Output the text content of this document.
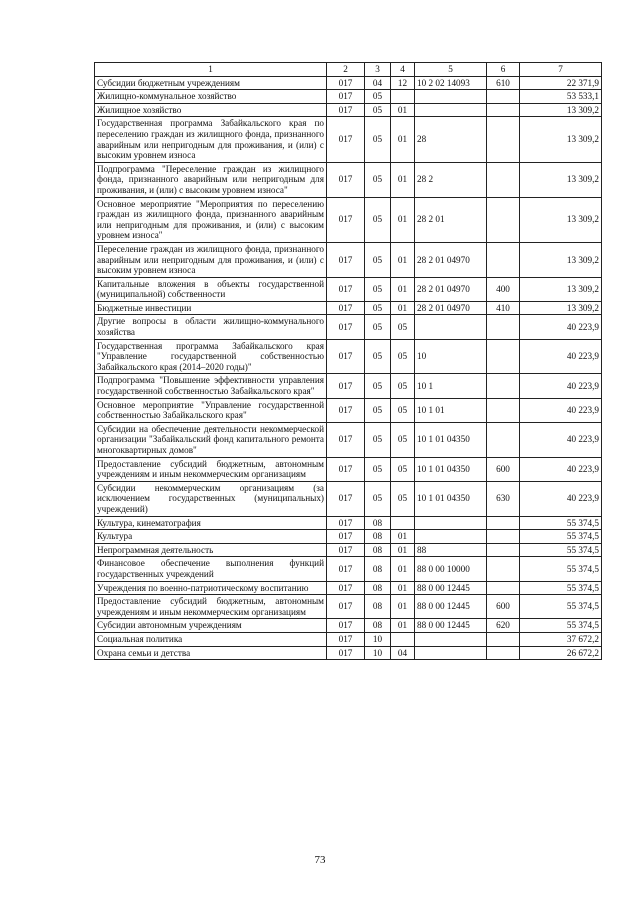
1	2	3	4	5	6	7
Субсидии бюджетным учреждениям	017	04	12	10 2 02 14093	610	22 371,9
Жилищно-коммунальное хозяйство	017	05				53 533,1
Жилищное хозяйство	017	05	01			13 309,2
Государственная программа Забайкальского края по переселению граждан из жилищного фонда, признанного аварийным или непригодным для проживания, и (или) с высоким уровнем износа	017	05	01	28		13 309,2
Подпрограмма "Переселение граждан из жилищного фонда, признанного аварийным или непригодным для проживания, и (или) с высоким уровнем износа"	017	05	01	28 2		13 309,2
Основное мероприятие "Мероприятия по переселению граждан из жилищного фонда, признанного аварийным или непригодным для проживания, и (или) с высоким уровнем износа"	017	05	01	28 2 01		13 309,2
Переселение граждан из жилищного фонда, признанного аварийным или непригодным для проживания, и (или) с высоким уровнем износа	017	05	01	28 2 01 04970		13 309,2
Капитальные вложения в объекты государственной (муниципальной) собственности	017	05	01	28 2 01 04970	400	13 309,2
Бюджетные инвестиции	017	05	01	28 2 01 04970	410	13 309,2
Другие вопросы в области жилищно-коммунального хозяйства	017	05	05			40 223,9
Государственная программа Забайкальского края "Управление государственной собственностью Забайкальского края (2014–2020 годы)"	017	05	05	10		40 223,9
Подпрограмма "Повышение эффективности управления государственной собственностью Забайкальского края"	017	05	05	10 1		40 223,9
Основное мероприятие "Управление государственной собственностью Забайкальского края"	017	05	05	10 1 01		40 223,9
Субсидии на обеспечение деятельности некоммерческой организации "Забайкальский фонд капитального ремонта многоквартирных домов"	017	05	05	10 1 01 04350		40 223,9
Предоставление субсидий бюджетным, автономным учреждениям и иным некоммерческим организациям	017	05	05	10 1 01 04350	600	40 223,9
Субсидии некоммерческим организациям (за исключением государственных (муниципальных) учреждений)	017	05	05	10 1 01 04350	630	40 223,9
Культура, кинематография	017	08				55 374,5
Культура	017	08	01			55 374,5
Непрограммная деятельность	017	08	01	88		55 374,5
Финансовое обеспечение выполнения функций государственных учреждений	017	08	01	88 0 00 10000		55 374,5
Учреждения по военно-патриотическому воспитанию	017	08	01	88 0 00 12445		55 374,5
Предоставление субсидий бюджетным, автономным учреждениям и иным некоммерческим организациям	017	08	01	88 0 00 12445	600	55 374,5
Субсидии автономным учреждениям	017	08	01	88 0 00 12445	620	55 374,5
Социальная политика	017	10				37 672,2
Охрана семьи и детства	017	10	04			26 672,2
73
